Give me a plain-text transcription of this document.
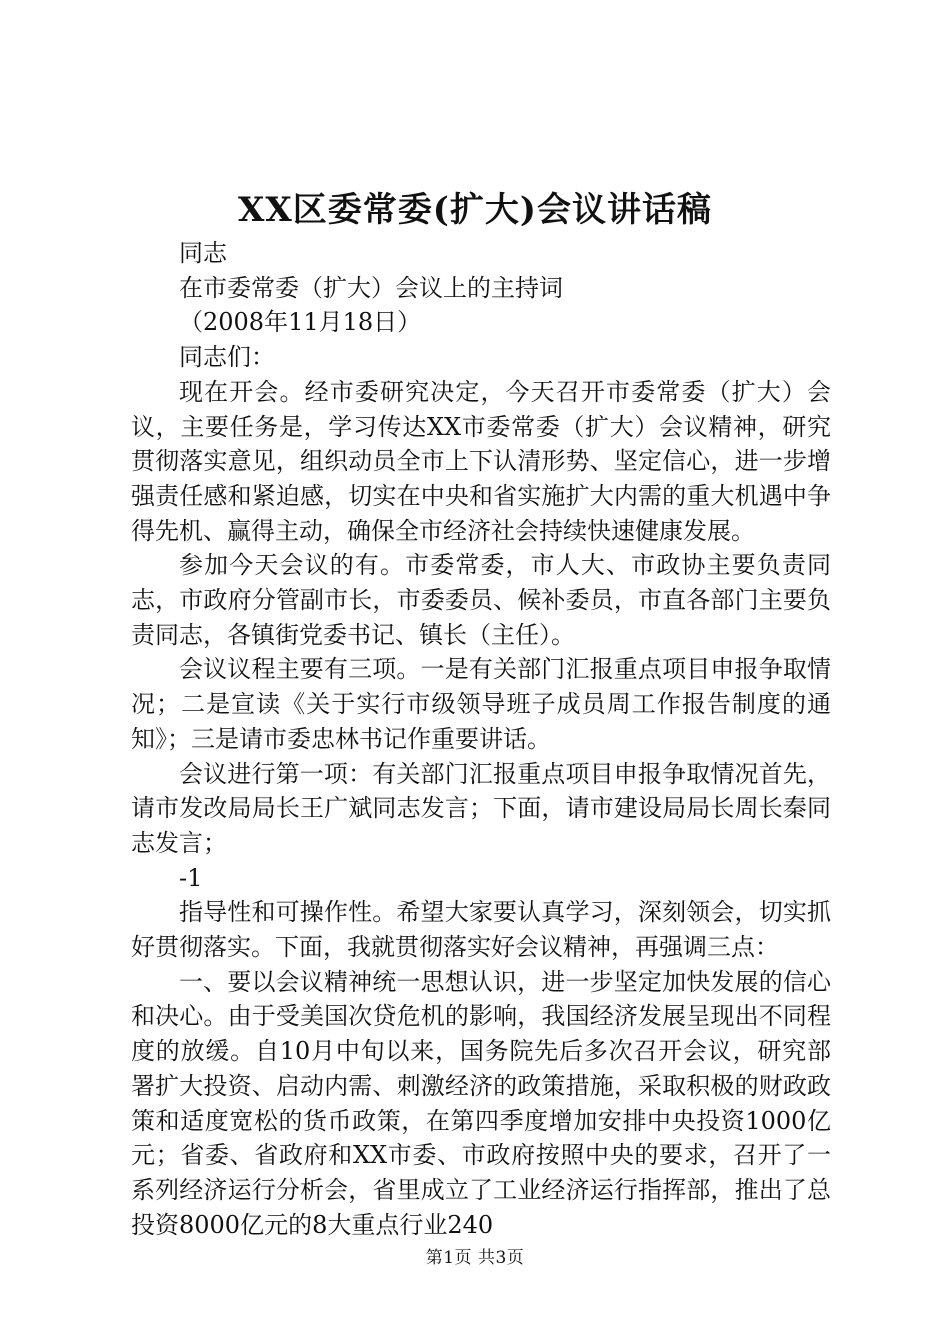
XX区委常委(扩大)会议讲话稿

同志

在市委常委（扩大）会议上的主持词

（2008年11月18日）

同志们：

现在开会。经市委研究决定，今天召开市委常委（扩大）会议，主要任务是，学习传达XX市委常委（扩大）会议精神，研究贯彻落实意见，组织动员全市上下认清形势、坚定信心，进一步增强责任感和紧迫感，切实在中央和省实施扩大内需的重大机遇中争得先机、赢得主动，确保全市经济社会持续快速健康发展。

参加今天会议的有。市委常委，市人大、市政协主要负责同志，市政府分管副市长，市委委员、候补委员，市直各部门主要负责同志，各镇街党委书记、镇长（主任）。

会议议程主要有三项。一是有关部门汇报重点项目申报争取情况；二是宣读《关于实行市级领导班子成员周工作报告制度的通知》；三是请市委忠林书记作重要讲话。

会议进行第一项：有关部门汇报重点项目申报争取情况首先，请市发改局局长王广斌同志发言；下面，请市建设局局长周长秦同志发言；

-1

指导性和可操作性。希望大家要认真学习，深刻领会，切实抓好贯彻落实。下面，我就贯彻落实好会议精神，再强调三点：

一、要以会议精神统一思想认识，进一步坚定加快发展的信心和决心。由于受美国次贷危机的影响，我国经济发展呈现出不同程度的放缓。自10月中旬以来，国务院先后多次召开会议，研究部署扩大投资、启动内需、刺激经济的政策措施，采取积极的财政政策和适度宽松的货币政策，在第四季度增加安排中央投资1000亿元；省委、省政府和XX市委、市政府按照中央的要求，召开了一系列经济运行分析会，省里成立了工业经济运行指挥部，推出了总投资8000亿元的8大重点行业240

第1页 共3页
